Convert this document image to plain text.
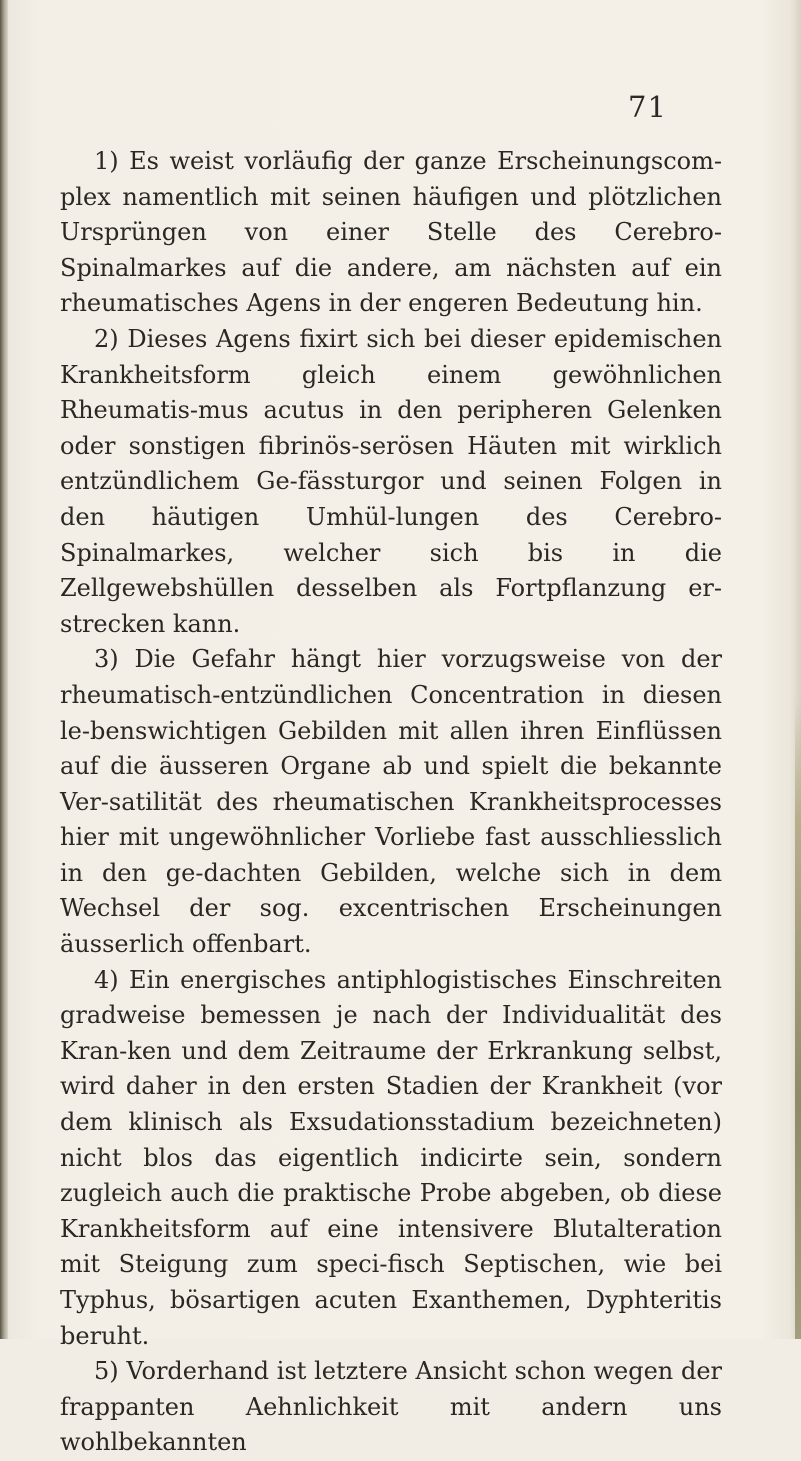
71

1) Es weist vorläufig der ganze Erscheinungscom-plex namentlich mit seinen häufigen und plötzlichen Ursprüngen von einer Stelle des Cerebro-Spinalmarkes auf die andere, am nächsten auf ein rheumatisches Agens in der engeren Bedeutung hin.

2) Dieses Agens fixirt sich bei dieser epidemischen Krankheitsform gleich einem gewöhnlichen Rheumatis-mus acutus in den peripheren Gelenken oder sonstigen fibrinös-serösen Häuten mit wirklich entzündlichem Ge-fässturgor und seinen Folgen in den häutigen Umhül-lungen des Cerebro-Spinalmarkes, welcher sich bis in die Zellgewebshüllen desselben als Fortpflanzung er-strecken kann.

3) Die Gefahr hängt hier vorzugsweise von der rheumatisch-entzündlichen Concentration in diesen le-benswichtigen Gebilden mit allen ihren Einflüssen auf die äusseren Organe ab und spielt die bekannte Ver-satilität des rheumatischen Krankheitsprocesses hier mit ungewöhnlicher Vorliebe fast ausschliesslich in den ge-dachten Gebilden, welche sich in dem Wechsel der sog. excentrischen Erscheinungen äusserlich offenbart.

4) Ein energisches antiphlogistisches Einschreiten gradweise bemessen je nach der Individualität des Kran-ken und dem Zeitraume der Erkrankung selbst, wird daher in den ersten Stadien der Krankheit (vor dem klinisch als Exsudationsstadium bezeichneten) nicht blos das eigentlich indicirte sein, sondern zugleich auch die praktische Probe abgeben, ob diese Krankheitsform auf eine intensivere Blutalteration mit Steigung zum speci-fisch Septischen, wie bei Typhus, bösartigen acuten Exanthemen, Dyphteritis beruht.

5) Vorderhand ist letztere Ansicht schon wegen der frappanten Aehnlichkeit mit andern uns wohlbekannten
